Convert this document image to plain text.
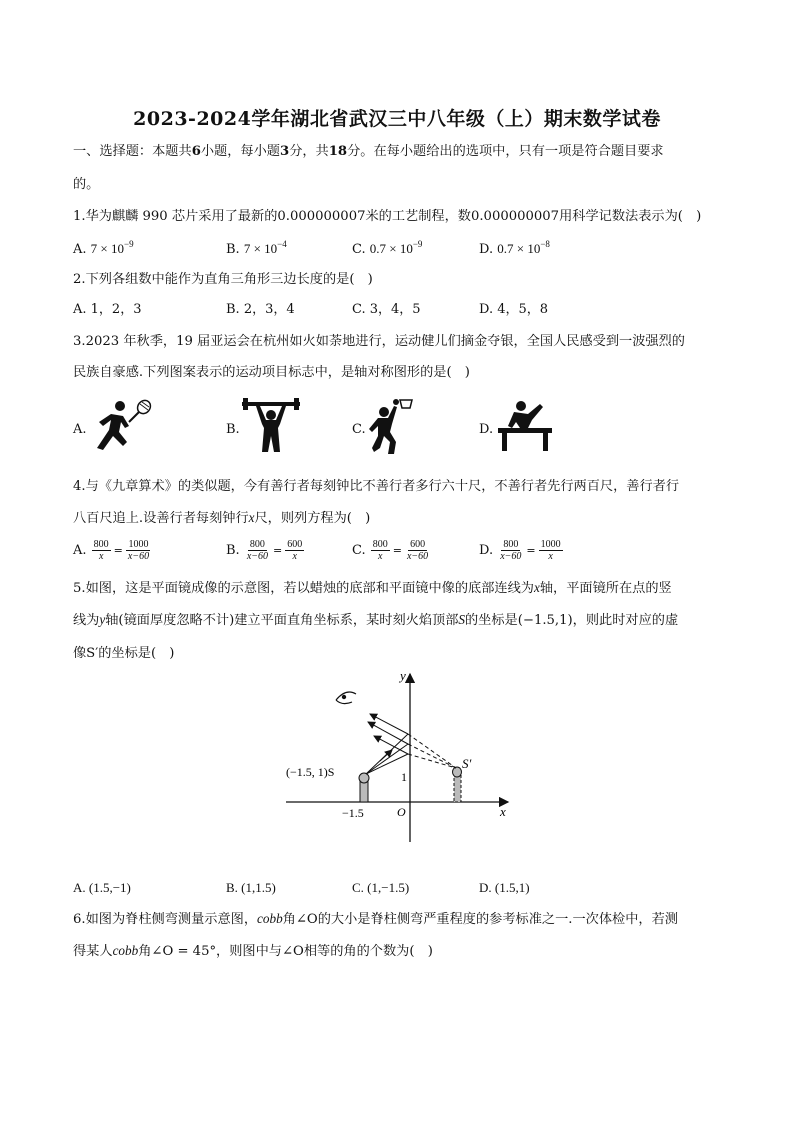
2023-2024学年湖北省武汉三中八年级（上）期末数学试卷
一、选择题：本题共6小题，每小题3分，共18分。在每小题给出的选项中，只有一项是符合题目要求
的。
1.华为麒麟 990 芯片采用了最新的0.000000007米的工艺制程，数0.000000007用科学记数法表示为(　)
A. $7 \times 10^{-9}$	B. $7 \times 10^{-4}$	C. $0.7 \times 10^{-9}$	D. $0.7 \times 10^{-8}$
2.下列各组数中能作为直角三角形三边长度的是(　)
A. 1，2，3	B. 2，3，4	C. 3，4，5	D. 4，5，8
3.2023 年秋季，19 届亚运会在杭州如火如荼地进行，运动健儿们摘金夺银，全国人民感受到一波强烈的
民族自豪感.下列图案表示的运动项目标志中，是轴对称图形的是(　)
A.	B.	C.	D.
4.与《九章算术》的类似题，今有善行者每刻钟比不善行者多行六十尺，不善行者先行两百尺，善行者行
八百尺追上.设善行者每刻钟行x尺，则列方程为(　)
A. $\frac{800}{x} = \frac{1000}{x-60}$	B. $\frac{800}{x-60} = \frac{600}{x}$	C. $\frac{800}{x} = \frac{600}{x-60}$	D. $\frac{800}{x-60} = \frac{1000}{x}$
5.如图，这是平面镜成像的示意图，若以蜡烛的底部和平面镜中像的底部连线为x轴，平面镜所在点的竖
线为y轴(镜面厚度忽略不计)建立平面直角坐标系，某时刻火焰顶部S的坐标是(−1.5,1)，则此时对应的虚
像S′的坐标是(　)
(−1.5, 1)S
S′
x
y
O
−1.5
1
A. (1.5,−1)	B. (1,1.5)	C. (1,−1.5)	D. (1.5,1)
6.如图为脊柱侧弯测量示意图，cobb角∠O的大小是脊柱侧弯严重程度的参考标准之一.一次体检中，若测
得某人cobb角∠O = 45°，则图中与∠O相等的角的个数为(　)
